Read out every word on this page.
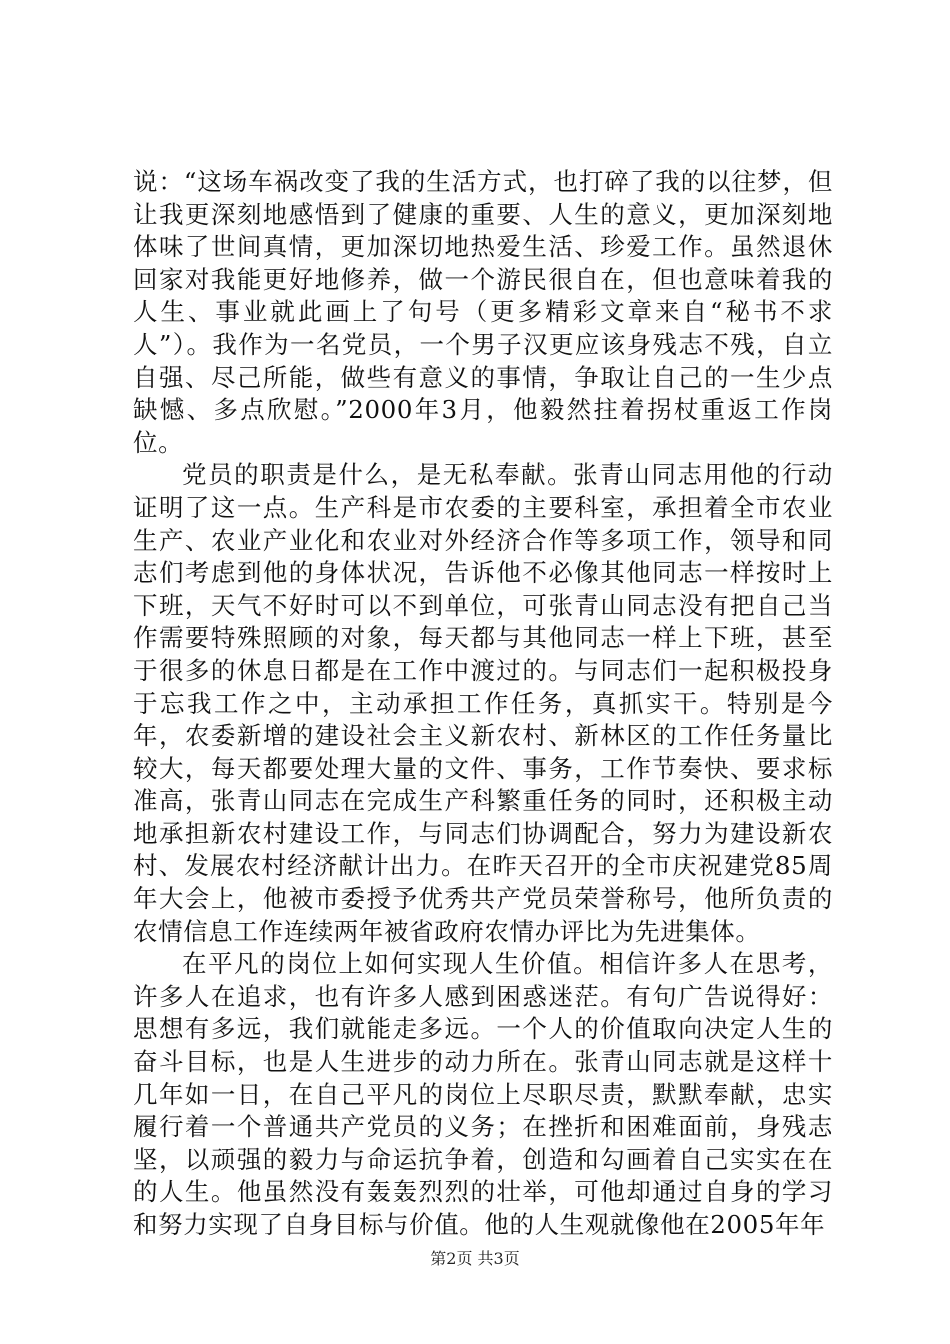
说：“这场车祸改变了我的生活方式，也打碎了我的以往梦，但让我更深刻地感悟到了健康的重要、人生的意义，更加深刻地体味了世间真情，更加深切地热爱生活、珍爱工作。虽然退休回家对我能更好地修养，做一个游民很自在，但也意味着我的人生、事业就此画上了句号（更多精彩文章来自“秘书不求人”）。我作为一名党员，一个男子汉更应该身残志不残，自立自强、尽己所能，做些有意义的事情，争取让自己的一生少点缺憾、多点欣慰。”2000年3月，他毅然拄着拐杖重返工作岗位。

党员的职责是什么，是无私奉献。张青山同志用他的行动证明了这一点。生产科是市农委的主要科室，承担着全市农业生产、农业产业化和农业对外经济合作等多项工作，领导和同志们考虑到他的身体状况，告诉他不必像其他同志一样按时上下班，天气不好时可以不到单位，可张青山同志没有把自己当作需要特殊照顾的对象，每天都与其他同志一样上下班，甚至于很多的休息日都是在工作中渡过的。与同志们一起积极投身于忘我工作之中，主动承担工作任务，真抓实干。特别是今年，农委新增的建设社会主义新农村、新林区的工作任务量比较大，每天都要处理大量的文件、事务，工作节奏快、要求标准高，张青山同志在完成生产科繁重任务的同时，还积极主动地承担新农村建设工作，与同志们协调配合，努力为建设新农村、发展农村经济献计出力。在昨天召开的全市庆祝建党85周年大会上，他被市委授予优秀共产党员荣誉称号，他所负责的农情信息工作连续两年被省政府农情办评比为先进集体。

在平凡的岗位上如何实现人生价值。相信许多人在思考，许多人在追求，也有许多人感到困惑迷茫。有句广告说得好：思想有多远，我们就能走多远。一个人的价值取向决定人生的奋斗目标，也是人生进步的动力所在。张青山同志就是这样十几年如一日，在自己平凡的岗位上尽职尽责，默默奉献，忠实履行着一个普通共产党员的义务；在挫折和困难面前，身残志坚，以顽强的毅力与命运抗争着，创造和勾画着自己实实在在的人生。他虽然没有轰轰烈烈的壮举，可他却通过自身的学习和努力实现了自身目标与价值。他的人生观就像他在2005年年

第2页 共3页
